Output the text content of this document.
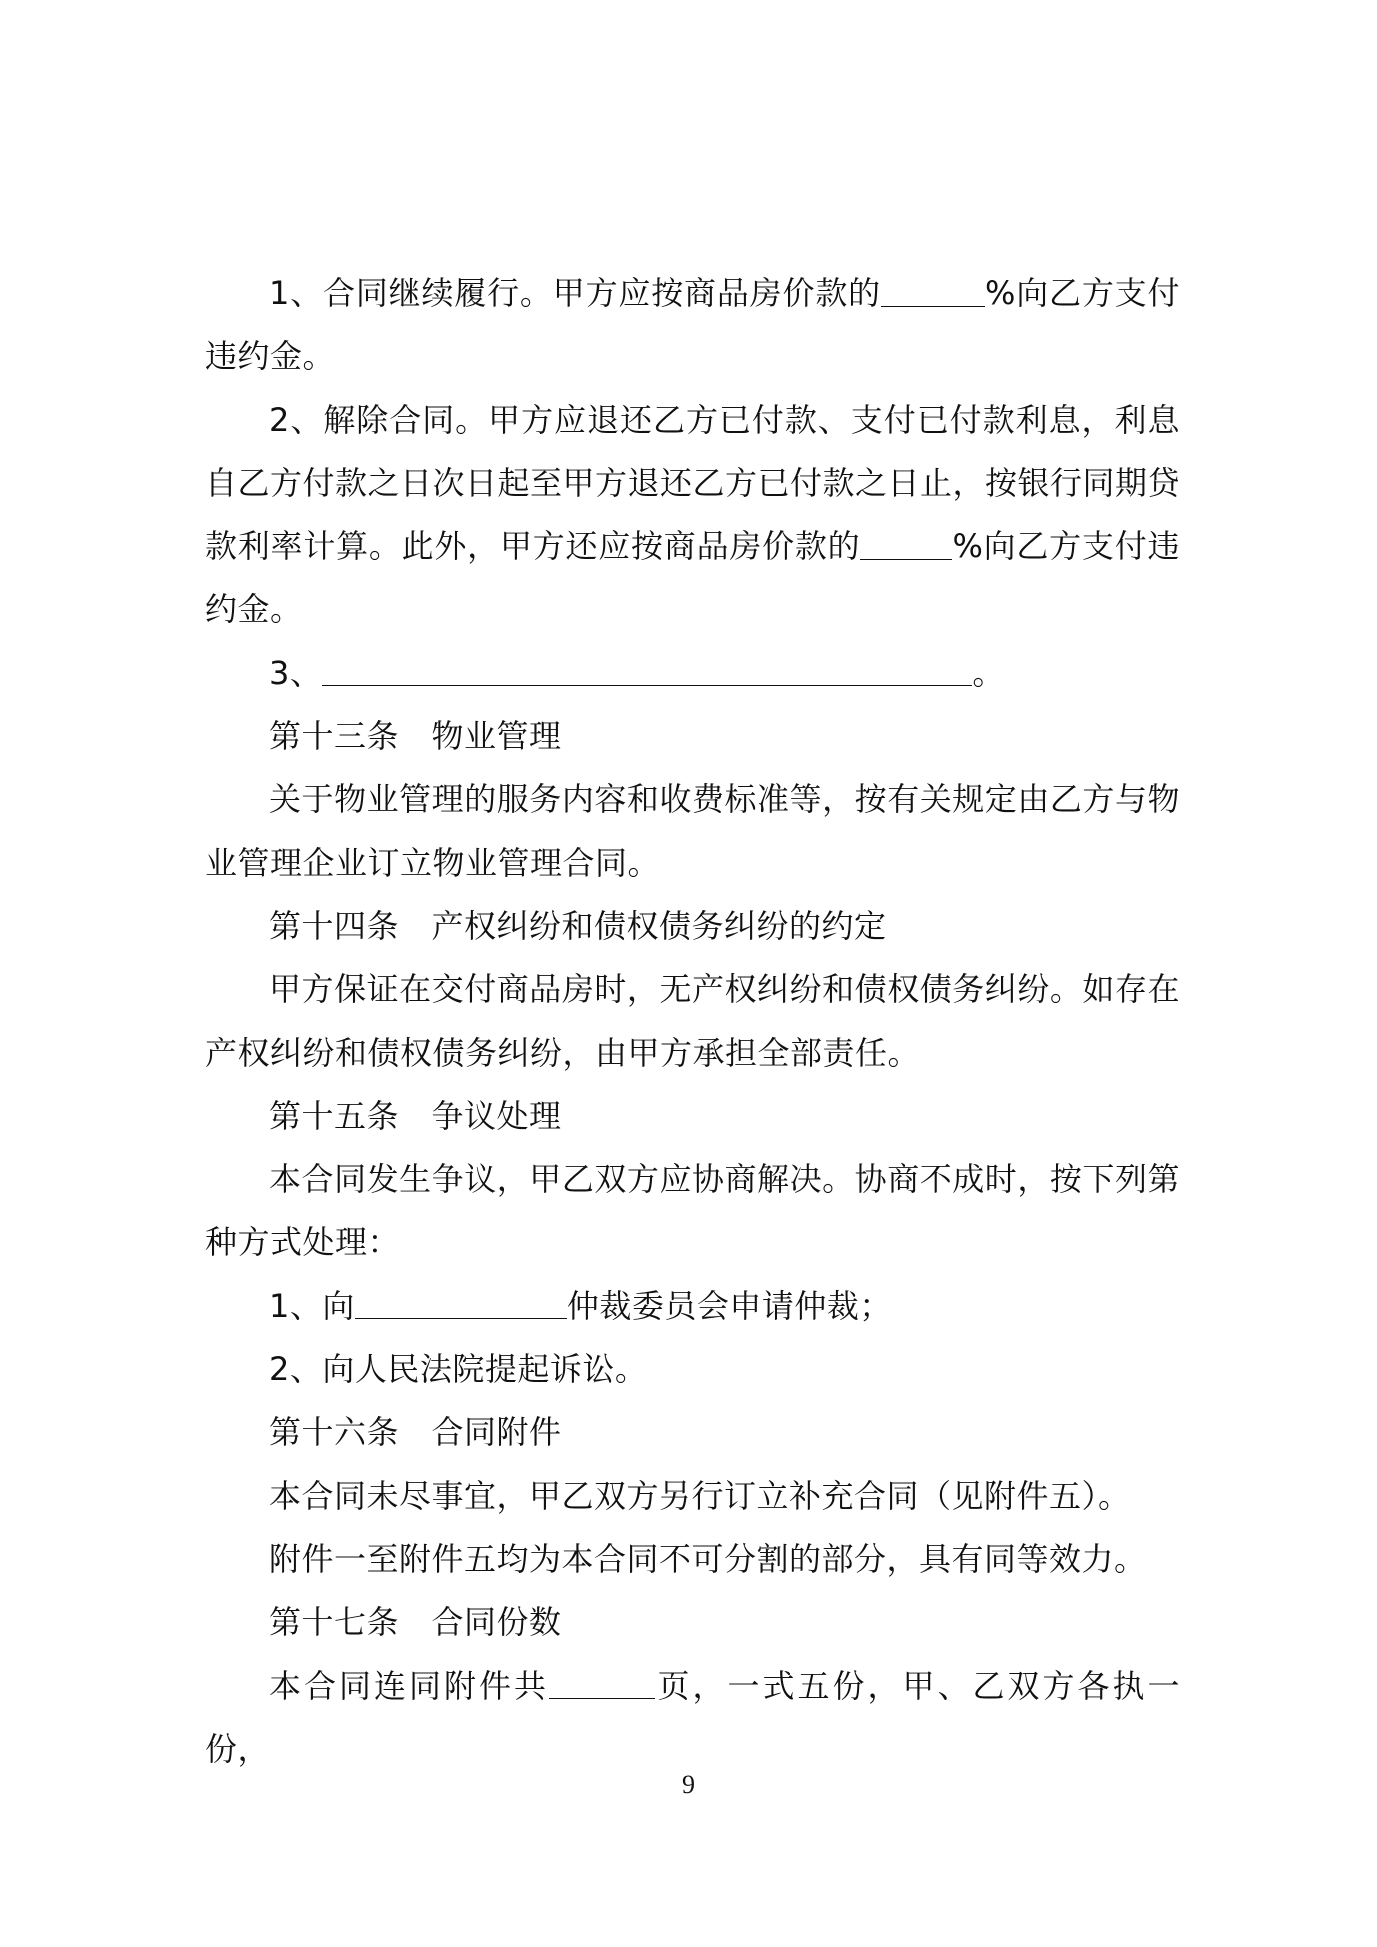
1、合同继续履行。甲方应按商品房价款的	%向乙方支付违约金。

2、解除合同。甲方应退还乙方已付款、支付已付款利息，利息自乙方付款之日次日起至甲方退还乙方已付款之日止，按银行同期贷款利率计算。此外，甲方还应按商品房价款的	%向乙方支付违约金。

3、	。

第十三条　物业管理

关于物业管理的服务内容和收费标准等，按有关规定由乙方与物业管理企业订立物业管理合同。

第十四条　产权纠纷和债权债务纠纷的约定

甲方保证在交付商品房时，无产权纠纷和债权债务纠纷。如存在产权纠纷和债权债务纠纷，由甲方承担全部责任。

第十五条　争议处理

本合同发生争议，甲乙双方应协商解决。协商不成时，按下列第种方式处理：

1、向	仲裁委员会申请仲裁；

2、向人民法院提起诉讼。

第十六条　合同附件

本合同未尽事宜，甲乙双方另行订立补充合同（见附件五）。

附件一至附件五均为本合同不可分割的部分，具有同等效力。

第十七条　合同份数

本合同连同附件共	页，一式五份，甲、乙双方各执一份，

9
